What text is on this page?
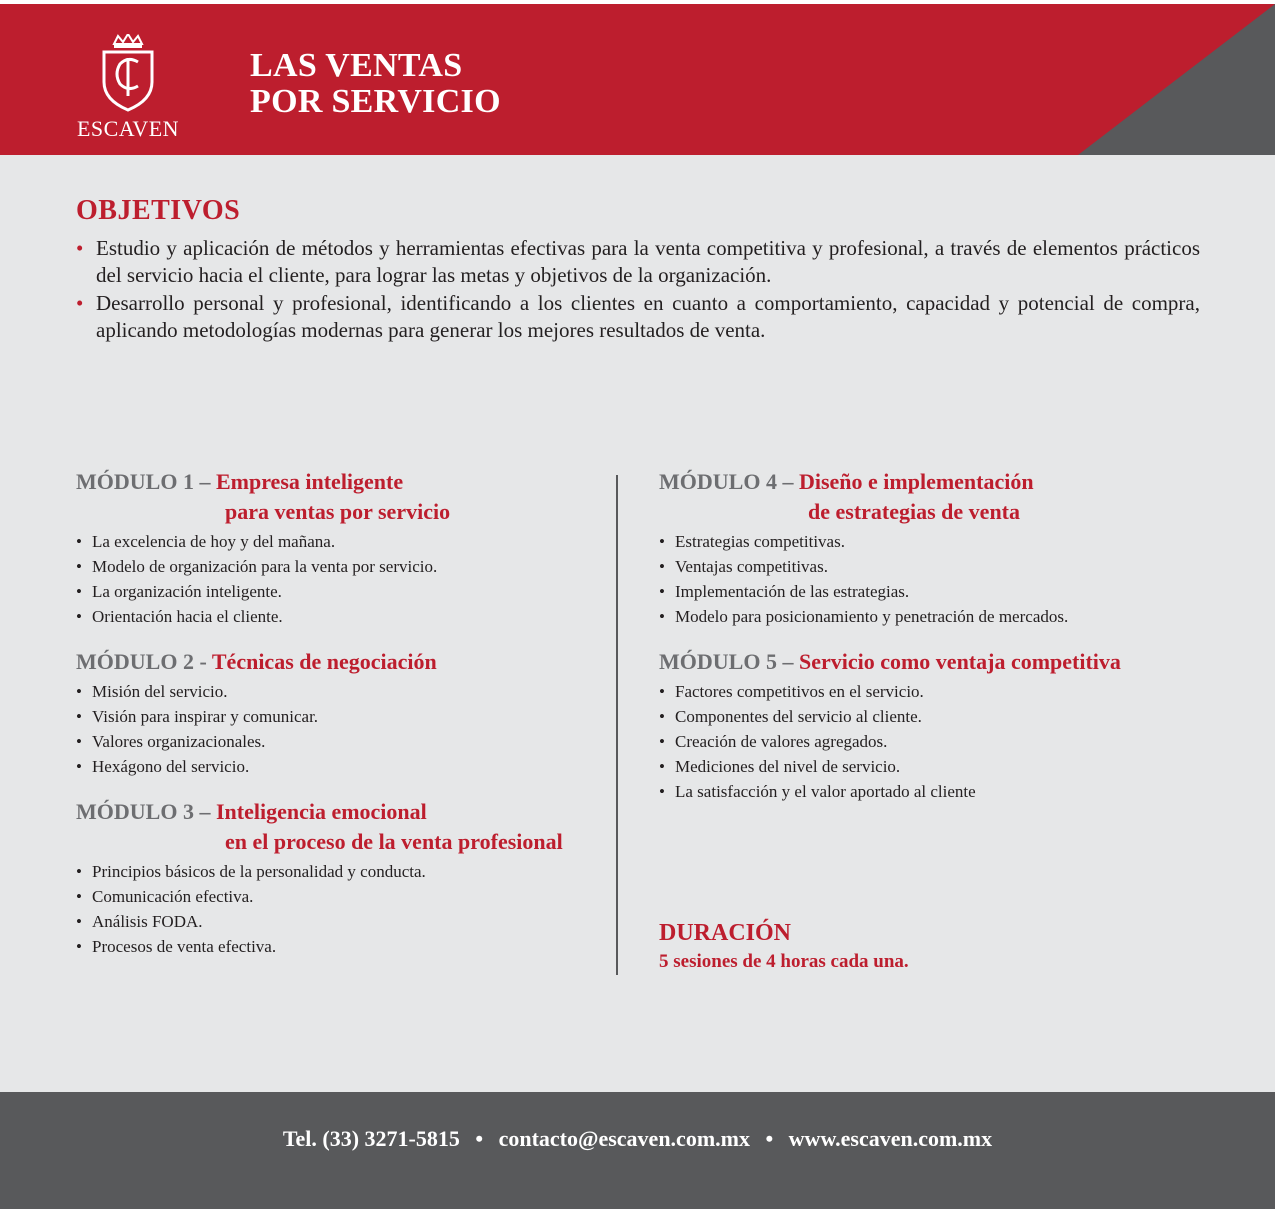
ESCAVEN
LAS VENTAS
POR SERVICIO
OBJETIVOS
• Estudio y aplicación de métodos y herramientas efectivas para la venta competitiva y profesional, a través de elementos prácticos del servicio hacia el cliente, para lograr las metas y objetivos de la organización.
• Desarrollo personal y profesional, identificando a los clientes en cuanto a comportamiento, capacidad y potencial de compra, aplicando metodologías modernas para generar los mejores resultados de venta.
MÓDULO 1 – Empresa inteligente
para ventas por servicio
• La excelencia de hoy y del mañana.
• Modelo de organización para la venta por servicio.
• La organización inteligente.
• Orientación hacia el cliente.
MÓDULO 2 - Técnicas de negociación
• Misión del servicio.
• Visión para inspirar y comunicar.
• Valores organizacionales.
• Hexágono del servicio.
MÓDULO 3 – Inteligencia emocional
en el proceso de la venta profesional
• Principios básicos de la personalidad y conducta.
• Comunicación efectiva.
• Análisis FODA.
• Procesos de venta efectiva.
MÓDULO 4 – Diseño e implementación
de estrategias de venta
• Estrategias competitivas.
• Ventajas competitivas.
• Implementación de las estrategias.
• Modelo para posicionamiento y penetración de mercados.
MÓDULO 5 – Servicio como ventaja competitiva
• Factores competitivos en el servicio.
• Componentes del servicio al cliente.
• Creación de valores agregados.
• Mediciones del nivel de servicio.
• La satisfacción y el valor aportado al cliente
DURACIÓN
5 sesiones de 4 horas cada una.
Tel. (33) 3271-5815 • contacto@escaven.com.mx • www.escaven.com.mx
